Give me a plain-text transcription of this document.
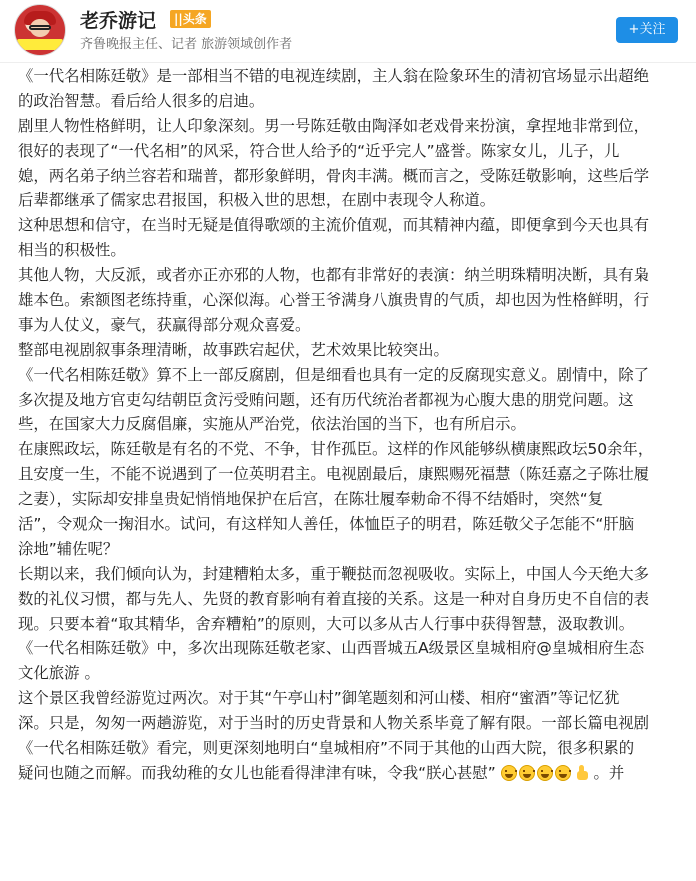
老乔游记	||头条
齐鲁晚报主任、记者 旅游领域创作者
+关注
《一代名相陈廷敬》是一部相当不错的电视连续剧，主人翁在险象环生的清初官场显示出超绝
的政治智慧。看后给人很多的启迪。
剧里人物性格鲜明，让人印象深刻。男一号陈廷敬由陶泽如老戏骨来扮演，拿捏地非常到位，
很好的表现了“一代名相”的风采，符合世人给予的“近乎完人”盛誉。陈家女儿，儿子，儿
媳，两名弟子纳兰容若和瑞普，都形象鲜明，骨肉丰满。概而言之，受陈廷敬影响，这些后学
后辈都继承了儒家忠君报国，积极入世的思想，在剧中表现令人称道。
这种思想和信守，在当时无疑是值得歌颂的主流价值观，而其精神内蕴，即便拿到今天也具有
相当的积极性。
其他人物，大反派，或者亦正亦邪的人物，也都有非常好的表演：纳兰明珠精明决断，具有枭
雄本色。索额图老练持重，心深似海。心誉王爷满身八旗贵胄的气质，却也因为性格鲜明，行
事为人仗义，豪气，获赢得部分观众喜爱。
整部电视剧叙事条理清晰，故事跌宕起伏，艺术效果比较突出。
《一代名相陈廷敬》算不上一部反腐剧，但是细看也具有一定的反腐现实意义。剧情中，除了
多次提及地方官吏勾结朝臣贪污受贿问题，还有历代统治者都视为心腹大患的朋党问题。这
些，在国家大力反腐倡廉，实施从严治党，依法治国的当下，也有所启示。
在康熙政坛，陈廷敬是有名的不党、不争，甘作孤臣。这样的作风能够纵横康熙政坛50余年，
且安度一生，不能不说遇到了一位英明君主。电视剧最后，康熙赐死福慧（陈廷嘉之子陈壮履
之妻），实际却安排皇贵妃悄悄地保护在后宫，在陈壮履奉勅命不得不结婚时，突然“复
活”，令观众一掬泪水。试问，有这样知人善任，体恤臣子的明君，陈廷敬父子怎能不“肝脑
涂地”辅佐呢？
长期以来，我们倾向认为，封建糟粕太多，重于鞭挞而忽视吸收。实际上，中国人今天绝大多
数的礼仪习惯，都与先人、先贤的教育影响有着直接的关系。这是一种对自身历史不自信的表
现。只要本着“取其精华，舍弃糟粕”的原则，大可以多从古人行事中获得智慧，汲取教训。
《一代名相陈廷敬》中，多次出现陈廷敬老家、山西晋城五A级景区皇城相府@皇城相府生态
文化旅游 。
这个景区我曾经游览过两次。对于其“午亭山村”御笔题刻和河山楼、相府“蜜酒”等记忆犹
深。只是，匆匆一两趟游览，对于当时的历史背景和人物关系毕竟了解有限。一部长篇电视剧
《一代名相陈廷敬》看完，则更深刻地明白“皇城相府”不同于其他的山西大院，很多积累的
疑问也随之而解。而我幼稚的女儿也能看得津津有味，令我“朕心甚慰”	。并
